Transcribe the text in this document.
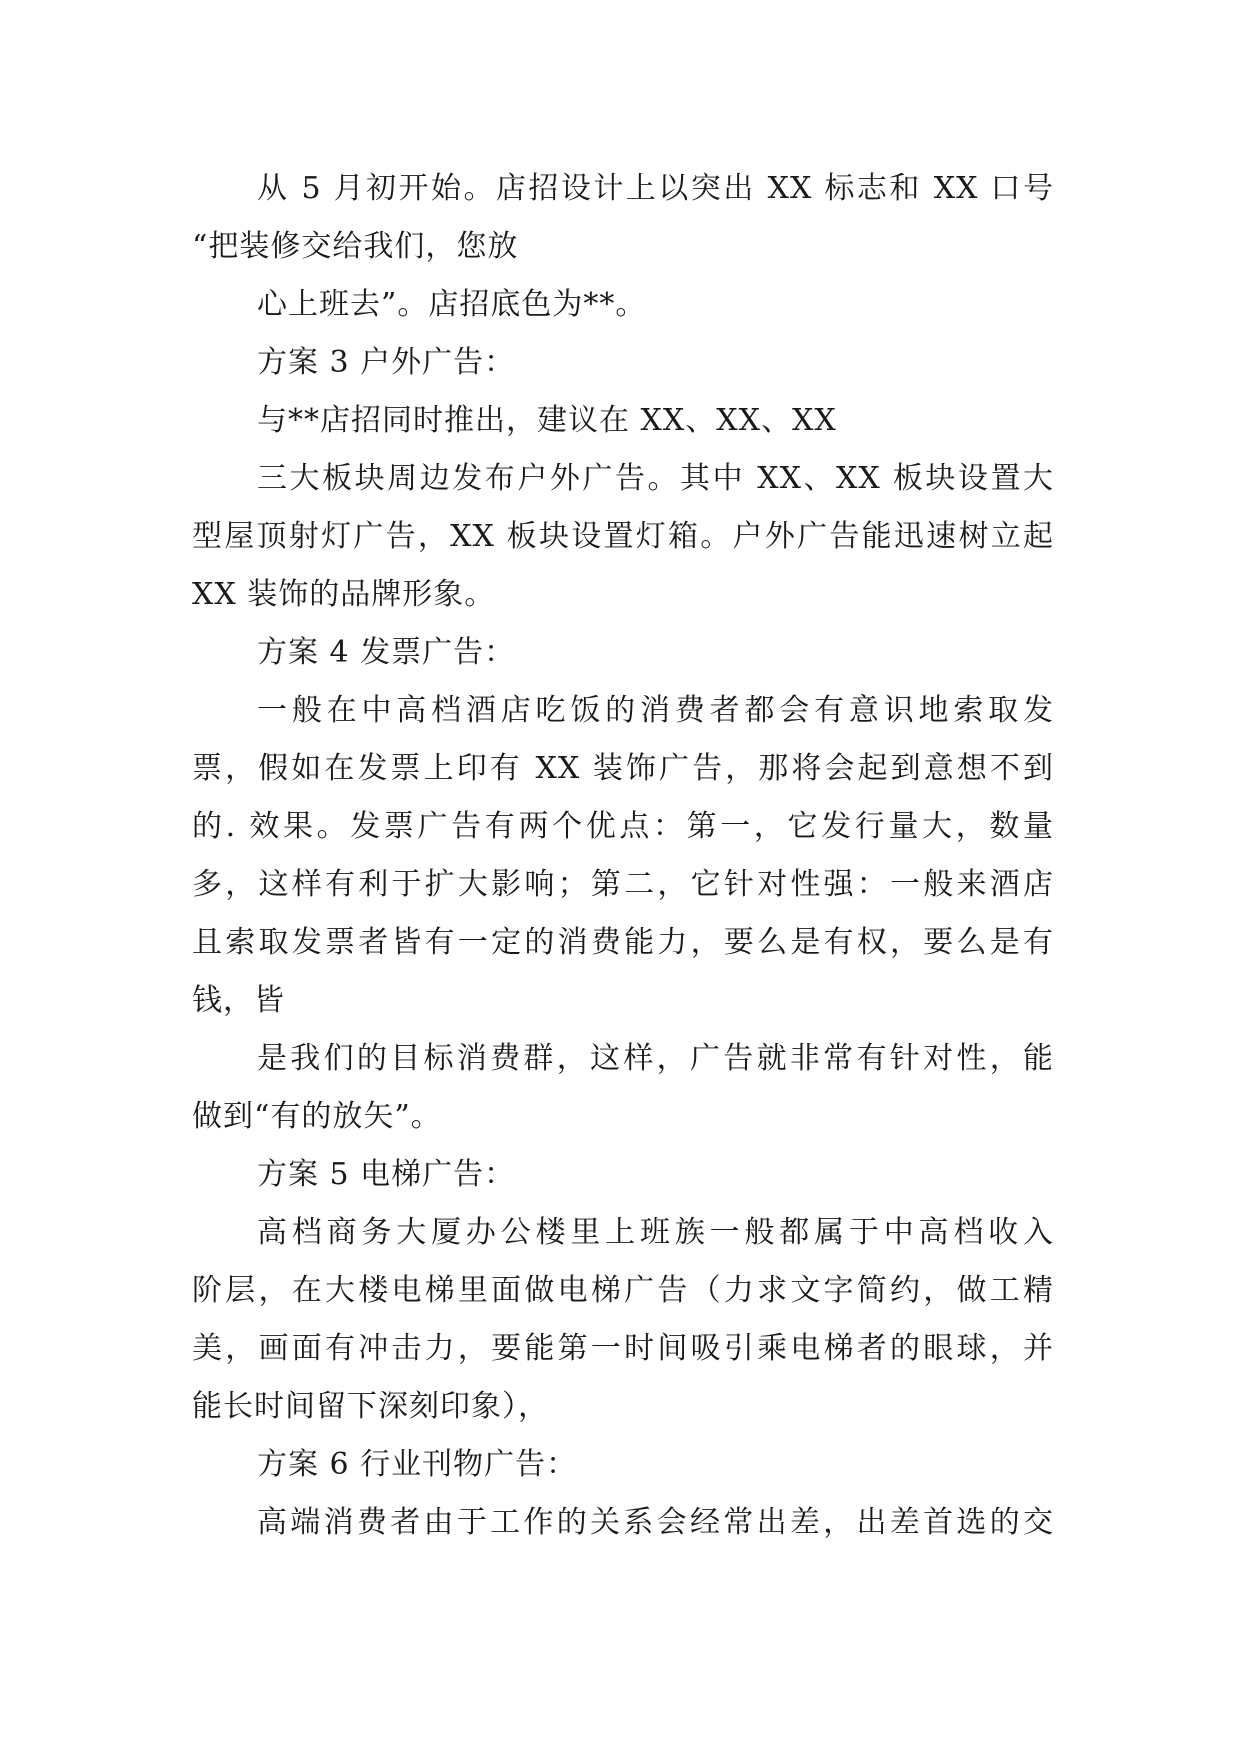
从 5 月初开始。店招设计上以突出 XX 标志和 XX 口号
“把装修交给我们，您放
心上班去”。店招底色为**。
方案 3 户外广告：
与**店招同时推出，建议在 XX、XX、XX
三大板块周边发布户外广告。其中 XX、XX 板块设置大
型屋顶射灯广告，XX 板块设置灯箱。户外广告能迅速树立起
XX 装饰的品牌形象。
方案 4 发票广告：
一般在中高档酒店吃饭的消费者都会有意识地索取发
票，假如在发票上印有 XX 装饰广告，那将会起到意想不到
的. 效果。发票广告有两个优点：第一，它发行量大，数量
多，这样有利于扩大影响；第二，它针对性强：一般来酒店
且索取发票者皆有一定的消费能力，要么是有权，要么是有
钱，皆
是我们的目标消费群，这样，广告就非常有针对性，能
做到“有的放矢”。
方案 5 电梯广告：
高档商务大厦办公楼里上班族一般都属于中高档收入
阶层，在大楼电梯里面做电梯广告（力求文字简约，做工精
美，画面有冲击力，要能第一时间吸引乘电梯者的眼球，并
能长时间留下深刻印象），
方案 6 行业刊物广告：
高端消费者由于工作的关系会经常出差，出差首选的交
